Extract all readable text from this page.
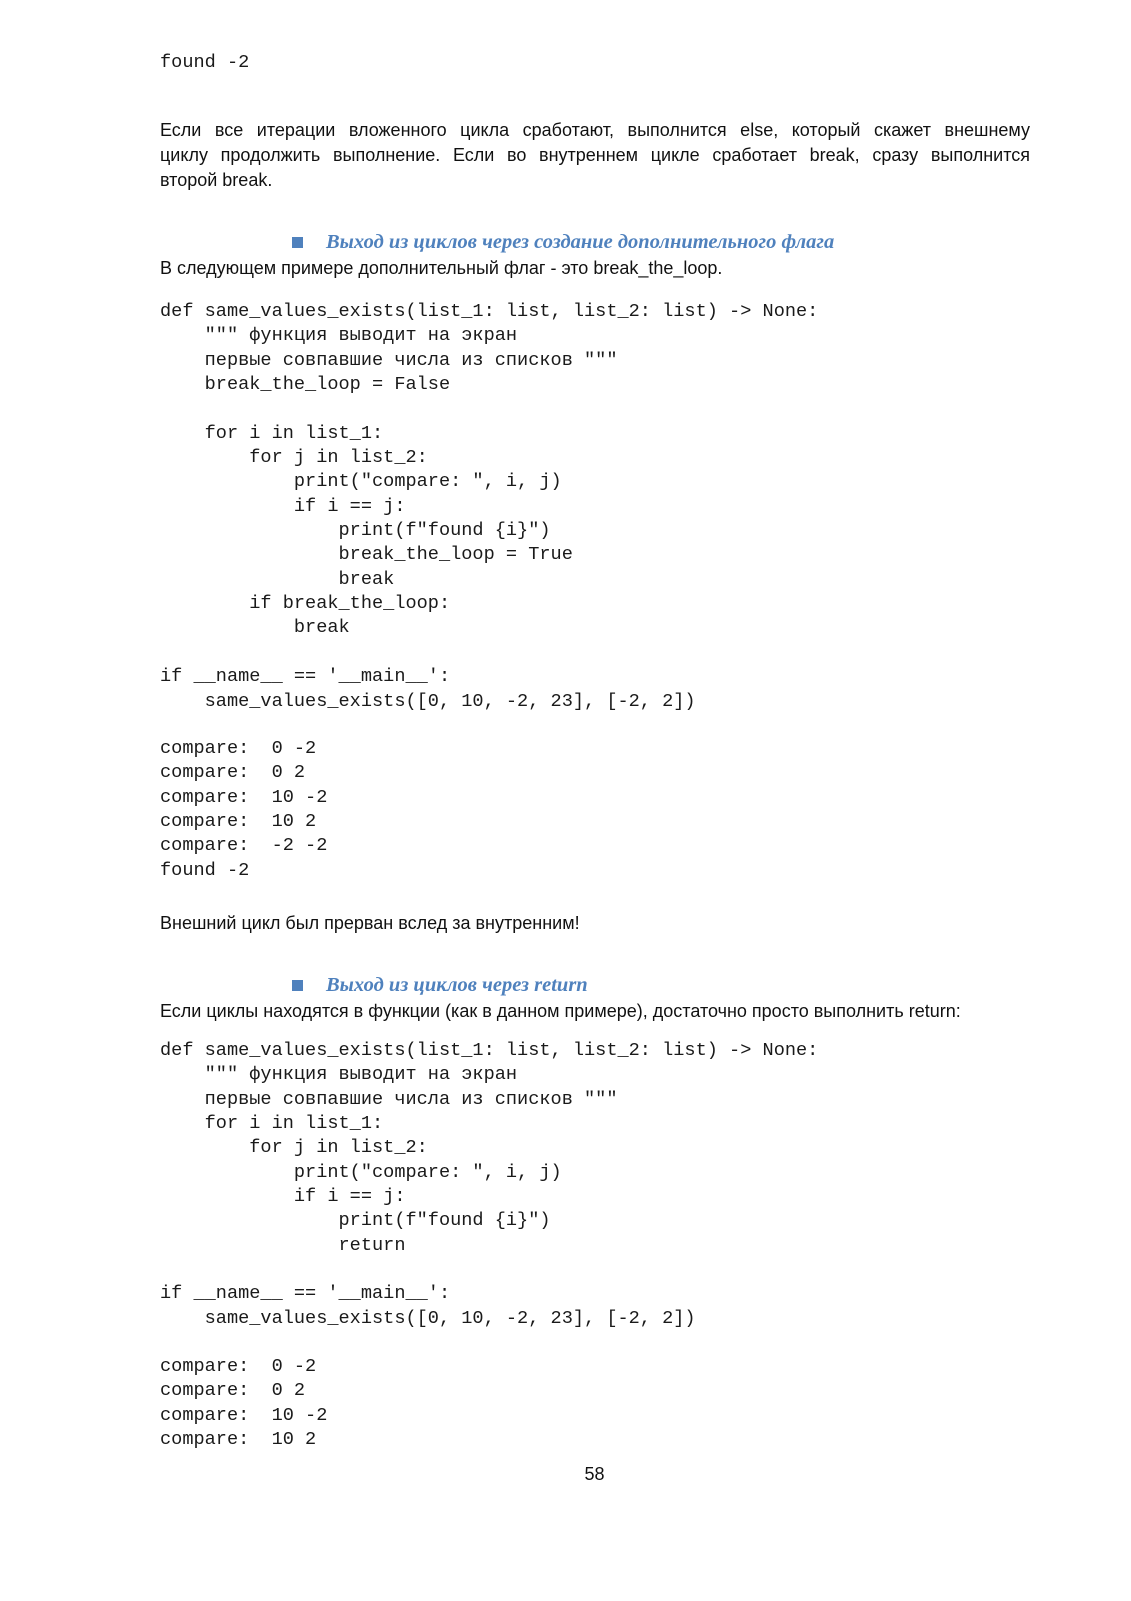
found -2
Если все итерации вложенного цикла сработают, выполнится else, который скажет внешнему
циклу продолжить выполнение. Если во внутреннем цикле сработает break, сразу выполнится
второй break.
Выход из циклов через создание дополнительного флага

В следующем примере дополнительный флаг - это break_the_loop.

def same_values_exists(list_1: list, list_2: list) -> None:
""" функция выводит на экран
первые совпавшие числа из списков """
break_the_loop = False
for i in list_1:
for j in list_2:
print("compare: ", i, j)
if i == j:
print(f"found {i}")
break_the_loop = True
break
if break_the_loop:
break
if __name__ == '__main__':
same_values_exists([0, 10, -2, 23], [-2, 2])
compare:  0 -2
compare:  0 2
compare:  10 -2
compare:  10 2
compare:  -2 -2
found -2

Внешний цикл был прерван вслед за внутренним!

Выход из циклов через return

Если циклы находятся в функции (как в данном примере), достаточно просто выполнить return:

def same_values_exists(list_1: list, list_2: list) -> None:
""" функция выводит на экран
первые совпавшие числа из списков """
for i in list_1:
for j in list_2:
print("compare: ", i, j)
if i == j:
print(f"found {i}")
return
if __name__ == '__main__':
same_values_exists([0, 10, -2, 23], [-2, 2])
compare:  0 -2
compare:  0 2
compare:  10 -2
compare:  10 2
58
